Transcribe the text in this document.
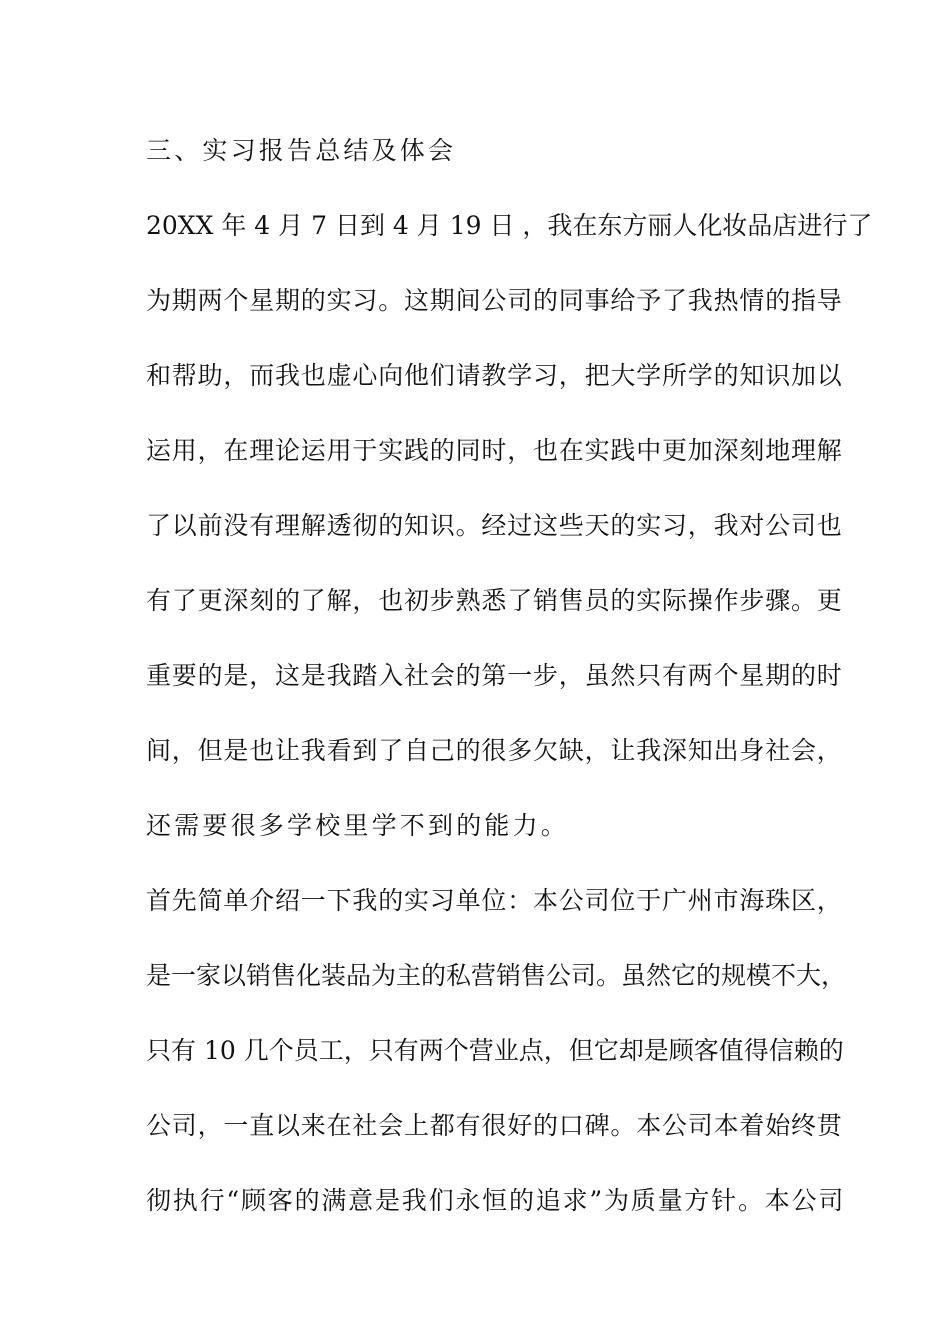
三、实习报告总结及体会
20XX 年 4 月 7 日到 4 月 19 日 ，我在东方丽人化妆品店进行了
为期两个星期的实习。这期间公司的同事给予了我热情的指导
和帮助，而我也虚心向他们请教学习，把大学所学的知识加以
运用，在理论运用于实践的同时，也在实践中更加深刻地理解
了以前没有理解透彻的知识。经过这些天的实习，我对公司也
有了更深刻的了解，也初步熟悉了销售员的实际操作步骤。更
重要的是，这是我踏入社会的第一步，虽然只有两个星期的时
间，但是也让我看到了自己的很多欠缺，让我深知出身社会，
还需要很多学校里学不到的能力。
首先简单介绍一下我的实习单位：本公司位于广州市海珠区，
是一家以销售化装品为主的私营销售公司。虽然它的规模不大，
只有 10 几个员工，只有两个营业点，但它却是顾客值得信赖的
公司，一直以来在社会上都有很好的口碑。本公司本着始终贯
彻执行“顾客的满意是我们永恒的追求”为质量方针。本公司
